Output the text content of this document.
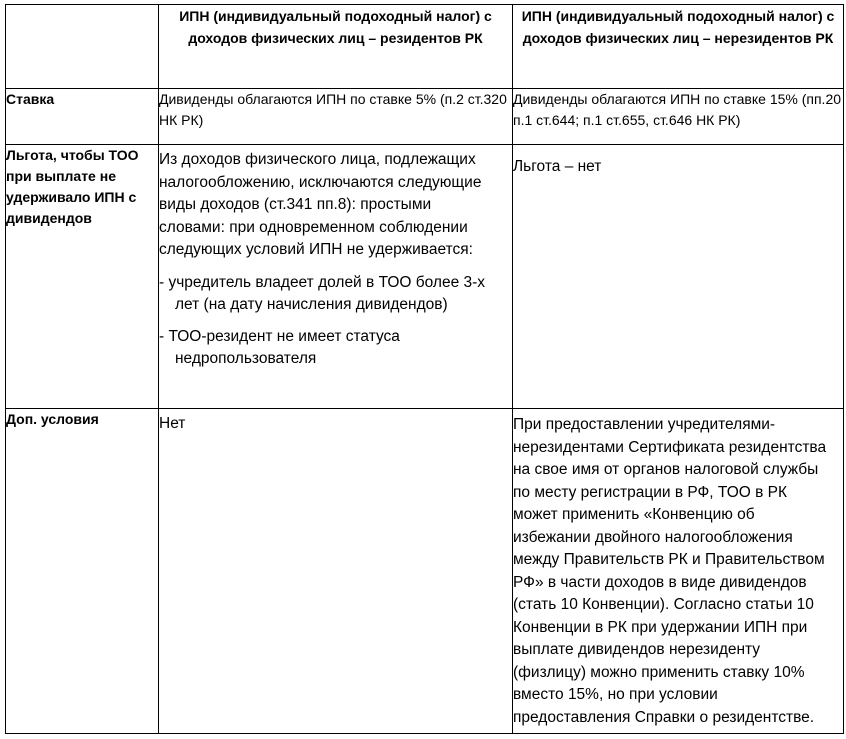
	ИПН (индивидуальный подоходный налог) с доходов физических лиц – резидентов РК	ИПН (индивидуальный подоходный налог) с доходов физических лиц – нерезидентов РК
Ставка	Дивиденды облагаются ИПН по ставке 5% (п.2 ст.320 НК РК)	Дивиденды облагаются ИПН по ставке 15% (пп.20 п.1 ст.644; п.1 ст.655, ст.646 НК РК)
Льгота, чтобы ТОО при выплате не удерживало ИПН с дивидендов	Из доходов физического лица, подлежащих налогообложению, исключаются следующие виды доходов (ст.341 пп.8): простыми словами: при одновременном соблюдении следующих условий ИПН не удерживается:
- учредитель владеет долей в ТОО более 3-х лет (на дату начисления дивидендов)
- ТОО-резидент не имеет статуса недропользователя	Льгота – нет

Доп. условия	Нет	При предоставлении учредителями-нерезидентами Сертификата резидентства на свое имя от органов налоговой службы по месту регистрации в РФ, ТОО в РК может применить «Конвенцию об избежании двойного налогообложения между Правительств РК и Правительством РФ» в части доходов в виде дивидендов (стать 10 Конвенции). Согласно статьи 10 Конвенции в РК при удержании ИПН при выплате дивидендов нерезиденту (физлицу) можно применить ставку 10% вместо 15%, но при условии предоставления Справки о резидентстве.
